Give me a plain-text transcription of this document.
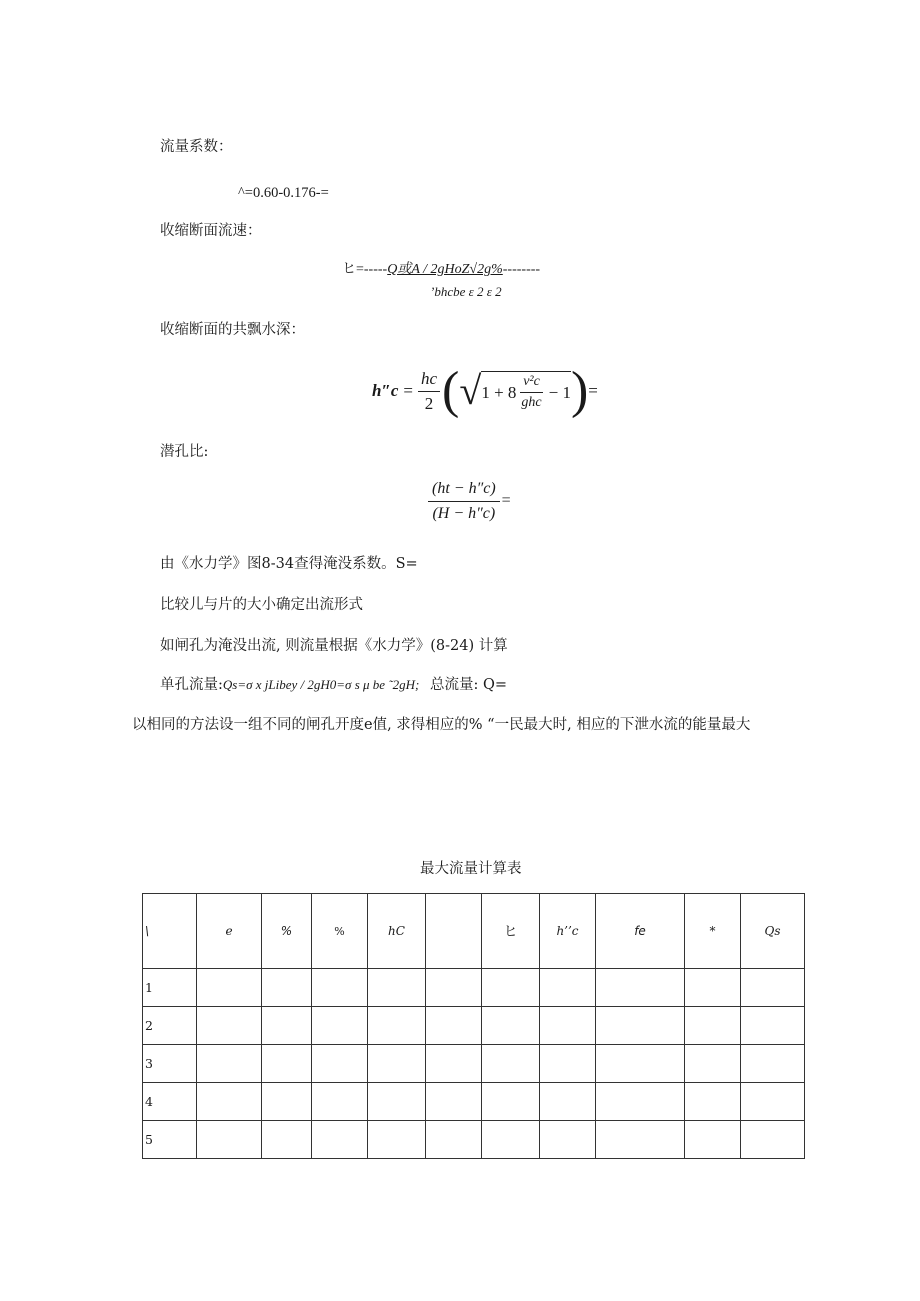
流量系数：
^=0.60-0.176-=
收缩断面流速：
ヒ=-----Q或A / 2gHoZ√2g%--------
’bhcbe ε 2 ε 2
收缩断面的共飘水深：
$h''c = \frac{hc}{2}$ ( √ $1 + 8 \frac{\text{v²c}}{\text{ghc}} - 1$ ) =
潜孔比:
$\frac{(ht - h''c)}{(H - h''c)}$ =
由《水力学》图8-34查得淹没系数。S=
比较儿与片的大小确定出流形式
如闸孔为淹没出流, 则流量根据《水力学》(8-24) 计算
单孔流量:Qs=σ x jLibey / 2gH0=σ s μ be ˜2gH; 总流量: Q=
以相同的方法设一组不同的闸孔开度e值, 求得相应的% “一民最大时, 相应的下泄水流的能量最大
最大流量计算表
\	e	%	%	hC		ヒ	h’’c	fe	*	Qs
1										
2										
3										
4										
5										
